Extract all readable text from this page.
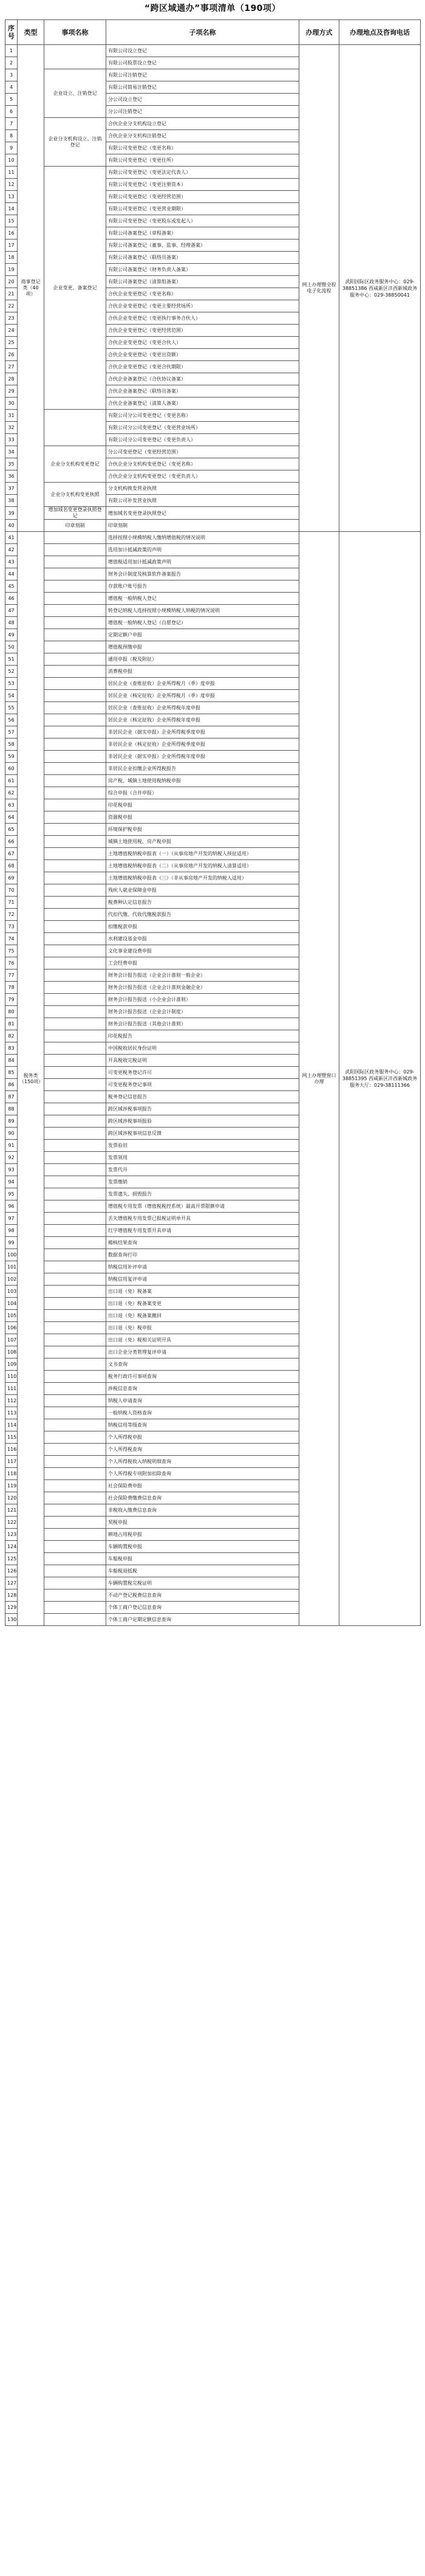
“跨区域通办”事项清单（190项）
序号	类型	事项名称	子项名称	办理方式	办理地点及咨询电话
1	商事登记类（40项）		有限公司设立登记	网上办理暨全程电子化流程	武阳国际区政务服务中心：029-38851386 西咸新区沣西新城政务服务中心：029-38850041
2			有限公司股票设立登记		
3		企业设立、注销登记	有限公司注销登记		
4			有限公司简易注销登记		
5			分公司设立登记		
6			分公司注销登记		
7		企业分支机构设立、注销登记	合伙企业分支机构设立登记		
8			合伙企业分支机构注销登记		
9			有限公司变更登记（变更名称）		
10			有限公司变更登记（变更住所）		
11		企业变更、备案登记	有限公司变更登记（变更法定代表人）		
12			有限公司变更登记（变更注册资本）		
13			有限公司变更登记（变更经营范围）		
14			有限公司变更登记（变更营业期限）		
15			有限公司变更登记（变更股东或发起人）		
16			有限公司备案登记（章程备案）		
17			有限公司备案登记（董事、监事、经理备案）		
18			有限公司备案登记（联络员备案）		
19			有限公司备案登记（财务负责人备案）		
20			有限公司备案登记（清算组备案）		
21			合伙企业变更登记（变更名称）		
22			合伙企业变更登记（变更主要经营场所）		
23			合伙企业变更登记（变更执行事务合伙人）		
24			合伙企业变更登记（变更经营范围）		
25			合伙企业变更登记（变更合伙人）		
26			合伙企业变更登记（变更出资额）		
27			合伙企业变更登记（变更合伙期限）		
28			合伙企业备案登记（合伙协议备案）		
29			合伙企业备案登记（联络员备案）		
30			合伙企业备案登记（清算人备案）		
31			有限公司分公司变更登记（变更名称）		
32			有限公司分公司变更登记（变更营业场所）		
33			有限公司分公司变更登记（变更负责人）		
34		企业分支机构变更登记	分公司变更登记（变更经营范围）		
35			合伙企业分支机构变更登记（变更名称）		
36			合伙企业分支机构变更登记（变更负责人）		
37		企业分支机构变更执照	分支机构换发营业执照		
38			有限公司补发营业执照		
39		增加域名变更登录执照登记	增加域名变更登录执照登记		
40		印章刻制	印章刻制		
41	税务类（150项）		选择按照小规模纳税人缴纳增值税的情况说明	网上办理暨窗口办理	武阳国际区政务服务中心：029-38851395 西咸新区沣西新城政务服务大厅：029-38111366
42			选用加计抵减政策的声明		
43			增值税适用加计抵减政策声明		
44			财务会计制度及核算软件备案报告		
45			存款账户账号报告		
46			增值税一般纳税人登记		
47			转登记纳税人选择按照小规模纳税人纳税的情况说明		
48			增值税一般纳税人登记（自愿登记）		
49			定期定额户申报		
50			增值税预缴申报		
51			通用申报（税及附征）		
52			消费税申报		
53			居民企业（查账征收）企业所得税月（季）度申报		
54			居民企业（核定征收）企业所得税月（季）度申报		
55			居民企业（查账征收）企业所得税年度申报		
56			居民企业（核定征收）企业所得税年度申报		
57			非居民企业（据实申报）企业所得税季度申报		
58			非居民企业（核定征收）企业所得税季度申报		
59			非居民企业（据实申报）企业所得税年度申报		
60			非居民企业扣缴企业所得税报告		
61			房产税、城镇土地使用税纳税申报		
62			综合申报（合并申报）		
63			印花税申报		
64			资源税申报		
65			环境保护税申报		
66			城镇土地使用税、房产税申报		
67			土地增值税纳税申报表（一）（从事房地产开发的纳税人预征适用）		
68			土地增值税纳税申报表（二）（从事房地产开发的纳税人清算适用）		
69			土地增值税纳税申报表（三）（非从事房地产开发的纳税人适用）		
70			残疾人就业保障金申报		
71			税费种认定信息报告		
72			代扣代缴、代收代缴税款报告		
73			扣缴税款申报		
74			水利建设基金申报		
75			文化事业建设费申报		
76			工会经费申报		
77			财务会计报告报送（企业会计准则一般企业）		
78			财务会计报告报送（企业会计准则金融企业）		
79			财务会计报告报送（小企业会计准则）		
80			财务会计报告报送（企业会计制度）		
81			财务会计报告报送（其他会计准则）		
82			印花税报告		
83			中国税收居民身份证明		
84			开具税收完税证明		
85			可变更税务登记许可		
86			可变更税务登记事项		
87			税务登记信息报告		
88			跨区域涉税事项报告		
89			跨区域涉税事项报验		
90			跨区域涉税事项信息反馈		
91			发票验旧		
92			发票领用		
93			发票代开		
94			发票缴销		
95			发票遗失、损毁报告		
96			增值税专用发票（增值税税控系统）最高开票限额申请		
97			丢失增值税专用发票已报税证明单开具		
98			红字增值税专用发票开具申请		
99			稽核结果查询		
100			数据查询打印		
101			纳税信用补评申请		
102			纳税信用复评申请		
103			出口退（免）税备案		
104			出口退（免）税备案变更		
105			出口退（免）税备案撤回		
106			出口退（免）税申报		
107			出口退（免）税相关证明开具		
108			出口企业分类管理复评申请		
109			文书查询		
110			税务行政许可事项查询		
111			涉税信息查询		
112			纳税人申请查询		
113			一般纳税人资格查询		
114			纳税信用等级查询		
115			个人所得税申报		
116			个人所得税查询		
117			个人所得税收入纳税明细查询		
118			个人所得税专项附加扣除查询		
119			社会保险费申报		
120			社会保险费缴费信息查询		
121			非税收入缴费信息查询		
122			契税申报		
123			耕地占用税申报		
124			车辆购置税申报		
125			车船税申报		
126			车船税退抵税		
127			车辆购置税完税证明		
128			不动产登记税费信息查询		
129			个体工商户登记信息查询		
130			个体工商户定期定额信息查询		
